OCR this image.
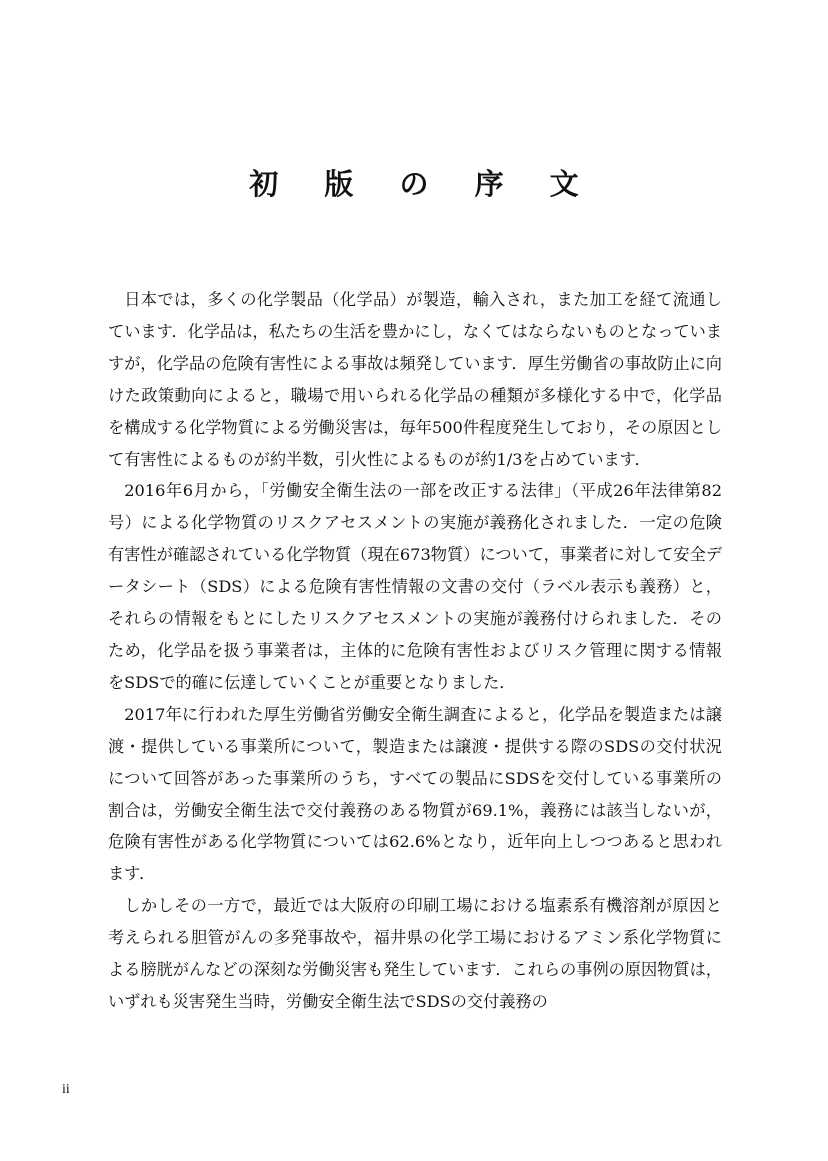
初 版 の 序 文

日本では，多くの化学製品（化学品）が製造，輸入され，また加工を経て流通しています．化学品は，私たちの生活を豊かにし，なくてはならないものとなっていますが，化学品の危険有害性による事故は頻発しています．厚生労働省の事故防止に向けた政策動向によると，職場で用いられる化学品の種類が多様化する中で，化学品を構成する化学物質による労働災害は，毎年500件程度発生しており，その原因として有害性によるものが約半数，引火性によるものが約1/3を占めています．

2016年6月から，「労働安全衛生法の一部を改正する法律」（平成26年法律第82号）による化学物質のリスクアセスメントの実施が義務化されました．一定の危険有害性が確認されている化学物質（現在673物質）について，事業者に対して安全データシート（SDS）による危険有害性情報の文書の交付（ラベル表示も義務）と，それらの情報をもとにしたリスクアセスメントの実施が義務付けられました．そのため，化学品を扱う事業者は，主体的に危険有害性およびリスク管理に関する情報をSDSで的確に伝達していくことが重要となりました．

2017年に行われた厚生労働省労働安全衛生調査によると，化学品を製造または譲渡・提供している事業所について，製造または譲渡・提供する際のSDSの交付状況について回答があった事業所のうち，すべての製品にSDSを交付している事業所の割合は，労働安全衛生法で交付義務のある物質が69.1%，義務には該当しないが，危険有害性がある化学物質については62.6%となり，近年向上しつつあると思われます．

しかしその一方で，最近では大阪府の印刷工場における塩素系有機溶剤が原因と考えられる胆管がんの多発事故や，福井県の化学工場におけるアミン系化学物質による膀胱がんなどの深刻な労働災害も発生しています．これらの事例の原因物質は，いずれも災害発生当時，労働安全衛生法でSDSの交付義務の

ii
